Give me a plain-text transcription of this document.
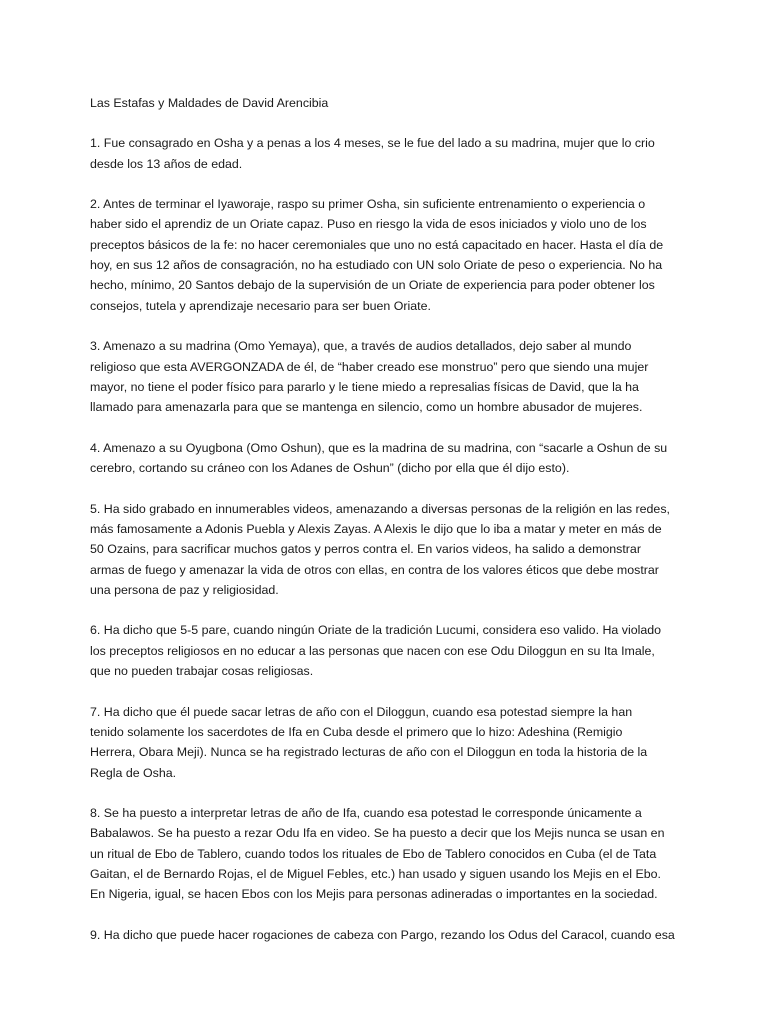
Las Estafas y Maldades de David Arencibia
1. Fue consagrado en Osha y a penas a los 4 meses, se le fue del lado a su madrina, mujer que lo crio
desde los 13 años de edad.
2. Antes de terminar el Iyaworaje, raspo su primer Osha, sin suficiente entrenamiento o experiencia o
haber sido el aprendiz de un Oriate capaz. Puso en riesgo la vida de esos iniciados y violo uno de los
preceptos básicos de la fe: no hacer ceremoniales que uno no está capacitado en hacer. Hasta el día de
hoy, en sus 12 años de consagración, no ha estudiado con UN solo Oriate de peso o experiencia. No ha
hecho, mínimo, 20 Santos debajo de la supervisión de un Oriate de experiencia para poder obtener los
consejos, tutela y aprendizaje necesario para ser buen Oriate.
3. Amenazo a su madrina (Omo Yemaya), que, a través de audios detallados, dejo saber al mundo
religioso que esta AVERGONZADA de él, de “haber creado ese monstruo” pero que siendo una mujer
mayor, no tiene el poder físico para pararlo y le tiene miedo a represalias físicas de David, que la ha
llamado para amenazarla para que se mantenga en silencio, como un hombre abusador de mujeres.
4. Amenazo a su Oyugbona (Omo Oshun), que es la madrina de su madrina, con “sacarle a Oshun de su
cerebro, cortando su cráneo con los Adanes de Oshun” (dicho por ella que él dijo esto).
5. Ha sido grabado en innumerables videos, amenazando a diversas personas de la religión en las redes,
más famosamente a Adonis Puebla y Alexis Zayas. A Alexis le dijo que lo iba a matar y meter en más de
50 Ozains, para sacrificar muchos gatos y perros contra el. En varios videos, ha salido a demonstrar
armas de fuego y amenazar la vida de otros con ellas, en contra de los valores éticos que debe mostrar
una persona de paz y religiosidad.
6. Ha dicho que 5-5 pare, cuando ningún Oriate de la tradición Lucumi, considera eso valido. Ha violado
los preceptos religiosos en no educar a las personas que nacen con ese Odu Diloggun en su Ita Imale,
que no pueden trabajar cosas religiosas.
7. Ha dicho que él puede sacar letras de año con el Diloggun, cuando esa potestad siempre la han
tenido solamente los sacerdotes de Ifa en Cuba desde el primero que lo hizo: Adeshina (Remigio
Herrera, Obara Meji). Nunca se ha registrado lecturas de año con el Diloggun en toda la historia de la
Regla de Osha.
8. Se ha puesto a interpretar letras de año de Ifa, cuando esa potestad le corresponde únicamente a
Babalawos. Se ha puesto a rezar Odu Ifa en video. Se ha puesto a decir que los Mejis nunca se usan en
un ritual de Ebo de Tablero, cuando todos los rituales de Ebo de Tablero conocidos en Cuba (el de Tata
Gaitan, el de Bernardo Rojas, el de Miguel Febles, etc.) han usado y siguen usando los Mejis en el Ebo.
En Nigeria, igual, se hacen Ebos con los Mejis para personas adineradas o importantes en la sociedad.
9. Ha dicho que puede hacer rogaciones de cabeza con Pargo, rezando los Odus del Caracol, cuando esa
